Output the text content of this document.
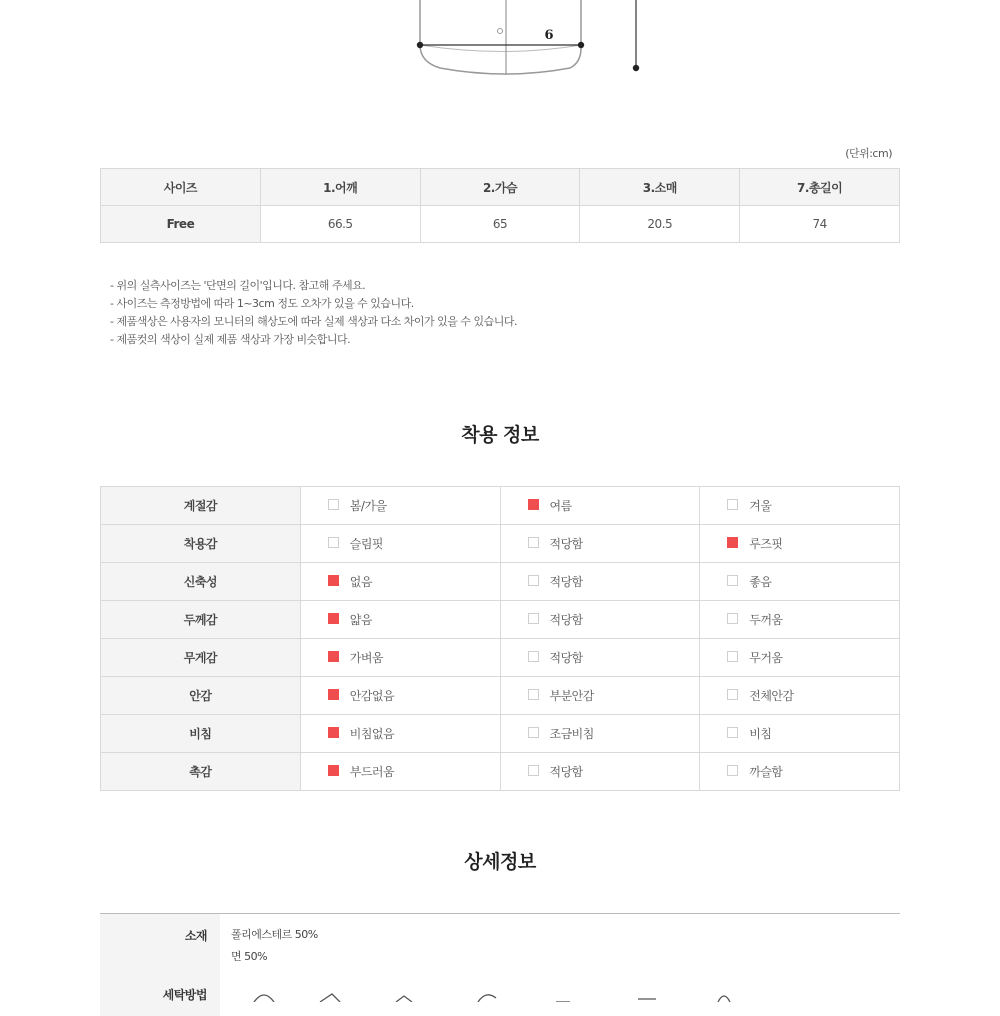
6
(단위:cm)
사이즈	1.어깨	2.가슴	3.소매	7.총길이
Free	66.5	65	20.5	74
- 위의 실측사이즈는 '단면의 길이'입니다. 참고해 주세요.
- 사이즈는 측정방법에 따라 1~3cm 정도 오차가 있을 수 있습니다.
- 제품색상은 사용자의 모니터의 해상도에 따라 실제 색상과 다소 차이가 있을 수 있습니다.
- 제품컷의 색상이 실제 제품 색상과 가장 비슷합니다.
착용 정보
계절감	봄/가을	여름	겨울
착용감	슬림핏	적당함	루즈핏
신축성	없음	적당함	좋음
두께감	얇음	적당함	두꺼움
무게감	가벼움	적당함	무거움
안감	안감없음	부분안감	전체안감
비침	비침없음	조금비침	비침
촉감	부드러움	적당함	까슬함
상세정보
소재	폴리에스테르 50%
면 50%
세탁방법
